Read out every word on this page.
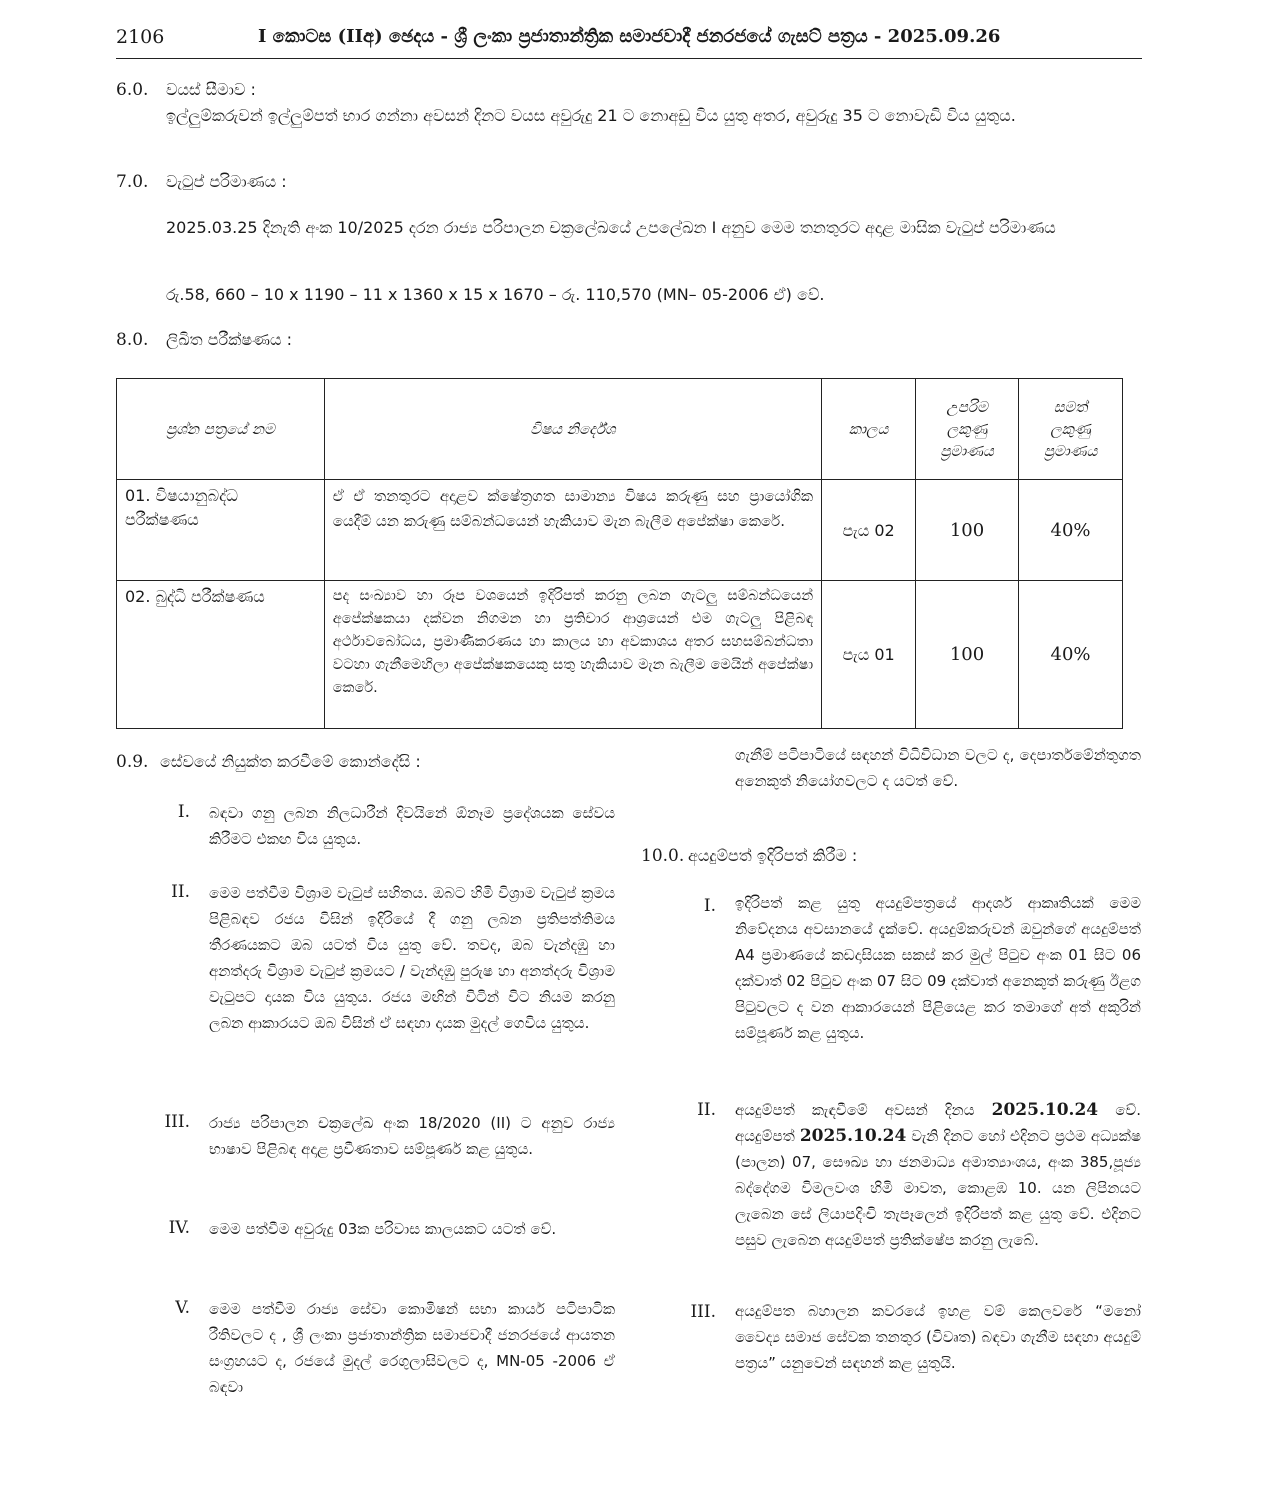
2106	I කොටස (IIඅ) ඡෙදය - ශ්‍රී ලංකා ප්‍රජාතාන්ත්‍රික සමාජවාදී ජනරජයේ ගැසට් පත්‍රය - 2025.09.26
6.0. වයස් සීමාව :
ඉල්ලුම්කරුවන් ඉල්ලුම්පත් භාර ගන්නා අවසන් දිනට වයස අවුරුදු 21 ට නොඅඩු විය යුතු අතර, අවුරුදු 35 ට නොවැඩි විය යුතුය.
7.0. වැටුප් පරිමාණය :
2025.03.25 දිනැති අංක 10/2025 දරන රාජ්‍ය පරිපාලන චක්‍රලේඛයේ උපලේඛන I අනුව මෙම තනතුරට අදාළ මාසික වැටුප් පරිමාණය
රු.58, 660 – 10 x 1190 – 11 x 1360 x 15 x 1670 – රු. 110,570 (MN– 05-2006 ඒ) වේ.
8.0. ලිඛිත පරීක්ෂණය :
ප්‍රශ්න පත්‍රයේ නම	විෂය නිර්දේශ	කාලය	උපරිම ලකුණු ප්‍රමාණය	සමත් ලකුණු ප්‍රමාණය
01. විෂයානුබද්ධ පරීක්ෂණය	ඒ ඒ තනතුරට අදාළව ක්ෂේත්‍රගත සාමාන්‍ය විෂය කරුණු සහ ප්‍රායෝගික යෙදීම් යන කරුණු සම්බන්ධයෙන් හැකියාව මැන බැලීම අපේක්ෂා කෙරේ.	පැය 02	100	40%
02. බුද්ධි පරීක්ෂණය	පද සංඛ්‍යාව හා රූප වශයෙන් ඉදිරිපත් කරනු ලබන ගැටලු සම්බන්ධයෙන් අපේක්ෂකයා දක්වන නිගමන හා ප්‍රතිචාර ආශ්‍රයෙන් එම ගැටලු පිළිබඳ අර්ථාවබෝධය, ප්‍රමාණීකරණය හා කාලය හා අවකාශය අතර සහසම්බන්ධතා වටහා ගැනීමෙහිලා අපේක්ෂකයෙකු සතු හැකියාව මැන බැලීම මෙයින් අපේක්ෂා කෙරේ.	පැය 01	100	40%
0.9. සේවයේ නියුක්ත කරවීමේ කොන්දේසි :
I. බඳවා ගනු ලබන නිලධාරීන් දිවයිනේ ඕනෑම ප්‍රදේශයක සේවය කිරීමට එකඟ විය යුතුය.
II. මෙම පත්වීම විශ්‍රාම වැටුප් සහිතය. ඔබට හිමි විශ්‍රාම වැටුප් ක්‍රමය පිළිබඳව රජය විසින් ඉදිරියේ දී ගනු ලබන ප්‍රතිපත්තිමය තීරණයකට ඔබ යටත් විය යුතු වේ. තවද, ඔබ වැන්දඹු හා අනත්දරු විශ්‍රාම වැටුප් ක්‍රමයට / වැන්දඹු පුරුෂ හා අනත්දරු විශ්‍රාම වැටුපට දායක විය යුතුය. රජය මඟින් විටින් විට නියම කරනු ලබන ආකාරයට ඔබ විසින් ඒ සඳහා දායක මුදල් ගෙවිය යුතුය.
III. රාජ්‍ය පරිපාලන චක්‍රලේඛ අංක 18/2020 (II) ට අනුව රාජ්‍ය භාෂාව පිළිබඳ අදාළ ප්‍රවීණතාව සම්පූර්ණ කළ යුතුය.
IV. මෙම පත්වීම අවුරුදු 03ක පරිවාස කාලයකට යටත් වේ.
V. මෙම පත්වීම රාජ්‍ය සේවා කොමිෂන් සභා කාර්ය පටිපාටික රීතිවලට ද , ශ්‍රී ලංකා ප්‍රජාතාන්ත්‍රික සමාජවාදී ජනරජයේ ආයතන සංග්‍රහයට ද, රජයේ මුදල් රෙගුලාසිවලට ද, MN-05 -2006 ඒ බඳවා
ගැනීම් පටිපාටියේ සඳහන් විධිවිධාන වලට ද, දෙපාර්තමේන්තුගත අනෙකුත් නියෝගවලට ද යටත් වේ.
10.0. අයදුම්පත් ඉදිරිපත් කිරීම :
I. ඉදිරිපත් කළ යුතු අයදුම්පත්‍රයේ ආදර්ශ ආකෘතියක් මෙම නිවේදනය අවසානයේ දැක්වේ. අයදුම්කරුවන් ඔවුන්ගේ අයදුම්පත් A4 ප්‍රමාණයේ කඩදාසියක සකස් කර මුල් පිටුව අංක 01 සිට 06 දක්වාත් 02 පිටුව අංක 07 සිට 09 දක්වාත් අනෙකුත් කරුණු ඊළග පිටුවලට ද වන ආකාරයෙන් පිළියෙළ කර තමාගේ අත් අකුරින් සම්පූර්ණ කළ යුතුය.
II. අයදුම්පත් කැඳවීමේ අවසන් දිනය 2025.10.24 වේ. අයදුම්පත් 2025.10.24 වැනි දිනට හෝ එදිනට ප්‍රථම අධ්‍යක්ෂ (පාලන) 07, සෞඛ්‍ය හා ජනමාධ්‍ය අමාත්‍යාංශය, අංක 385,පූජ්‍ය බද්දේගම විමලවංශ හිමි මාවත, කොළඹ 10. යන ලිපිනයට ලැබෙන සේ ලියාපදිංචි තැපෑලෙන් ඉදිරිපත් කළ යුතු වේ. එදිනට පසුව ලැබෙන අයදුම්පත් ප්‍රතික්ෂේප කරනු ලැබේ.
III. අයදුම්පත බහාලන කවරයේ ඉහළ වම් කෙලවරේ “මනෝ වෛද්‍ය සමාජ සේවක තනතුර (විවෘත) බඳවා ගැනීම සඳහා අයදුම් පත්‍රය” යනුවෙන් සඳහන් කළ යුතුයි.
